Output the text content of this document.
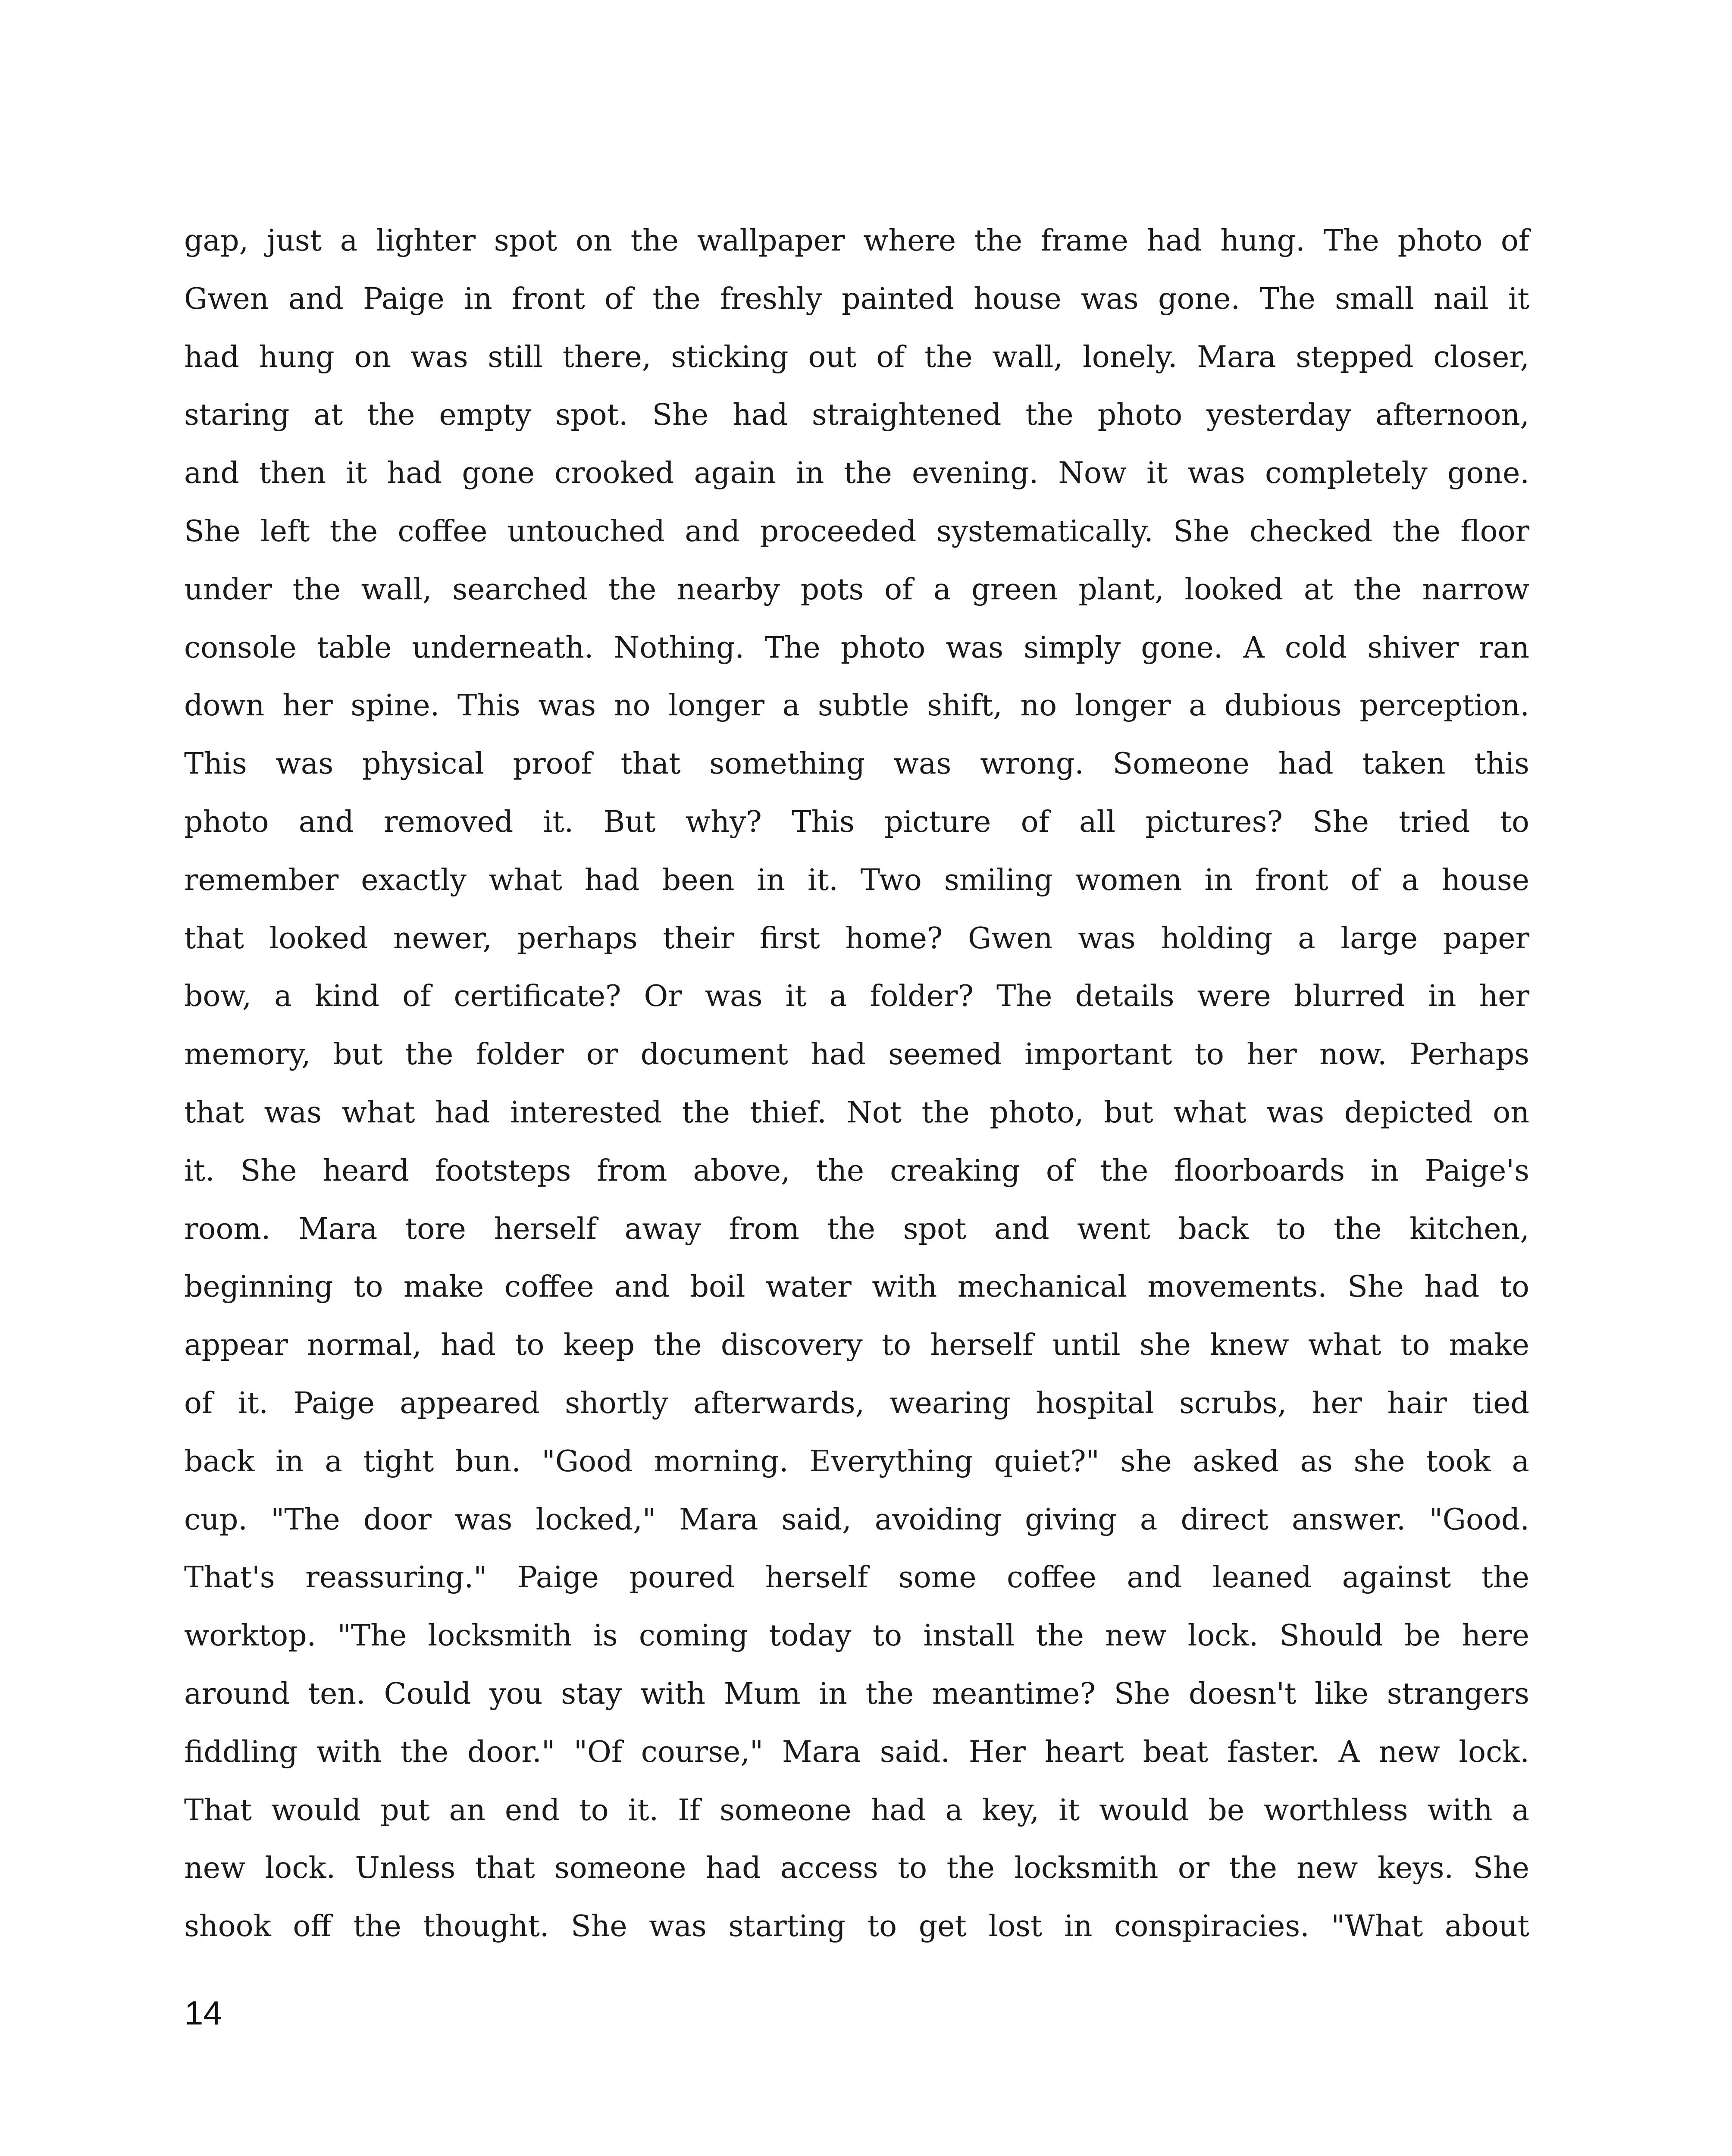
gap, just a lighter spot on the wallpaper where the frame had hung. The photo of
Gwen and Paige in front of the freshly painted house was gone. The small nail it
had hung on was still there, sticking out of the wall, lonely. Mara stepped closer,
staring at the empty spot. She had straightened the photo yesterday afternoon,
and then it had gone crooked again in the evening. Now it was completely gone.
She left the coffee untouched and proceeded systematically. She checked the floor
under the wall, searched the nearby pots of a green plant, looked at the narrow
console table underneath. Nothing. The photo was simply gone. A cold shiver ran
down her spine. This was no longer a subtle shift, no longer a dubious perception.
This was physical proof that something was wrong. Someone had taken this
photo and removed it. But why? This picture of all pictures? She tried to
remember exactly what had been in it. Two smiling women in front of a house
that looked newer, perhaps their first home? Gwen was holding a large paper
bow, a kind of certificate? Or was it a folder? The details were blurred in her
memory, but the folder or document had seemed important to her now. Perhaps
that was what had interested the thief. Not the photo, but what was depicted on
it. She heard footsteps from above, the creaking of the floorboards in Paige's
room. Mara tore herself away from the spot and went back to the kitchen,
beginning to make coffee and boil water with mechanical movements. She had to
appear normal, had to keep the discovery to herself until she knew what to make
of it. Paige appeared shortly afterwards, wearing hospital scrubs, her hair tied
back in a tight bun. "Good morning. Everything quiet?" she asked as she took a
cup. "The door was locked," Mara said, avoiding giving a direct answer. "Good.
That's reassuring." Paige poured herself some coffee and leaned against the
worktop. "The locksmith is coming today to install the new lock. Should be here
around ten. Could you stay with Mum in the meantime? She doesn't like strangers
fiddling with the door." "Of course," Mara said. Her heart beat faster. A new lock.
That would put an end to it. If someone had a key, it would be worthless with a
new lock. Unless that someone had access to the locksmith or the new keys. She
shook off the thought. She was starting to get lost in conspiracies. "What about
14
